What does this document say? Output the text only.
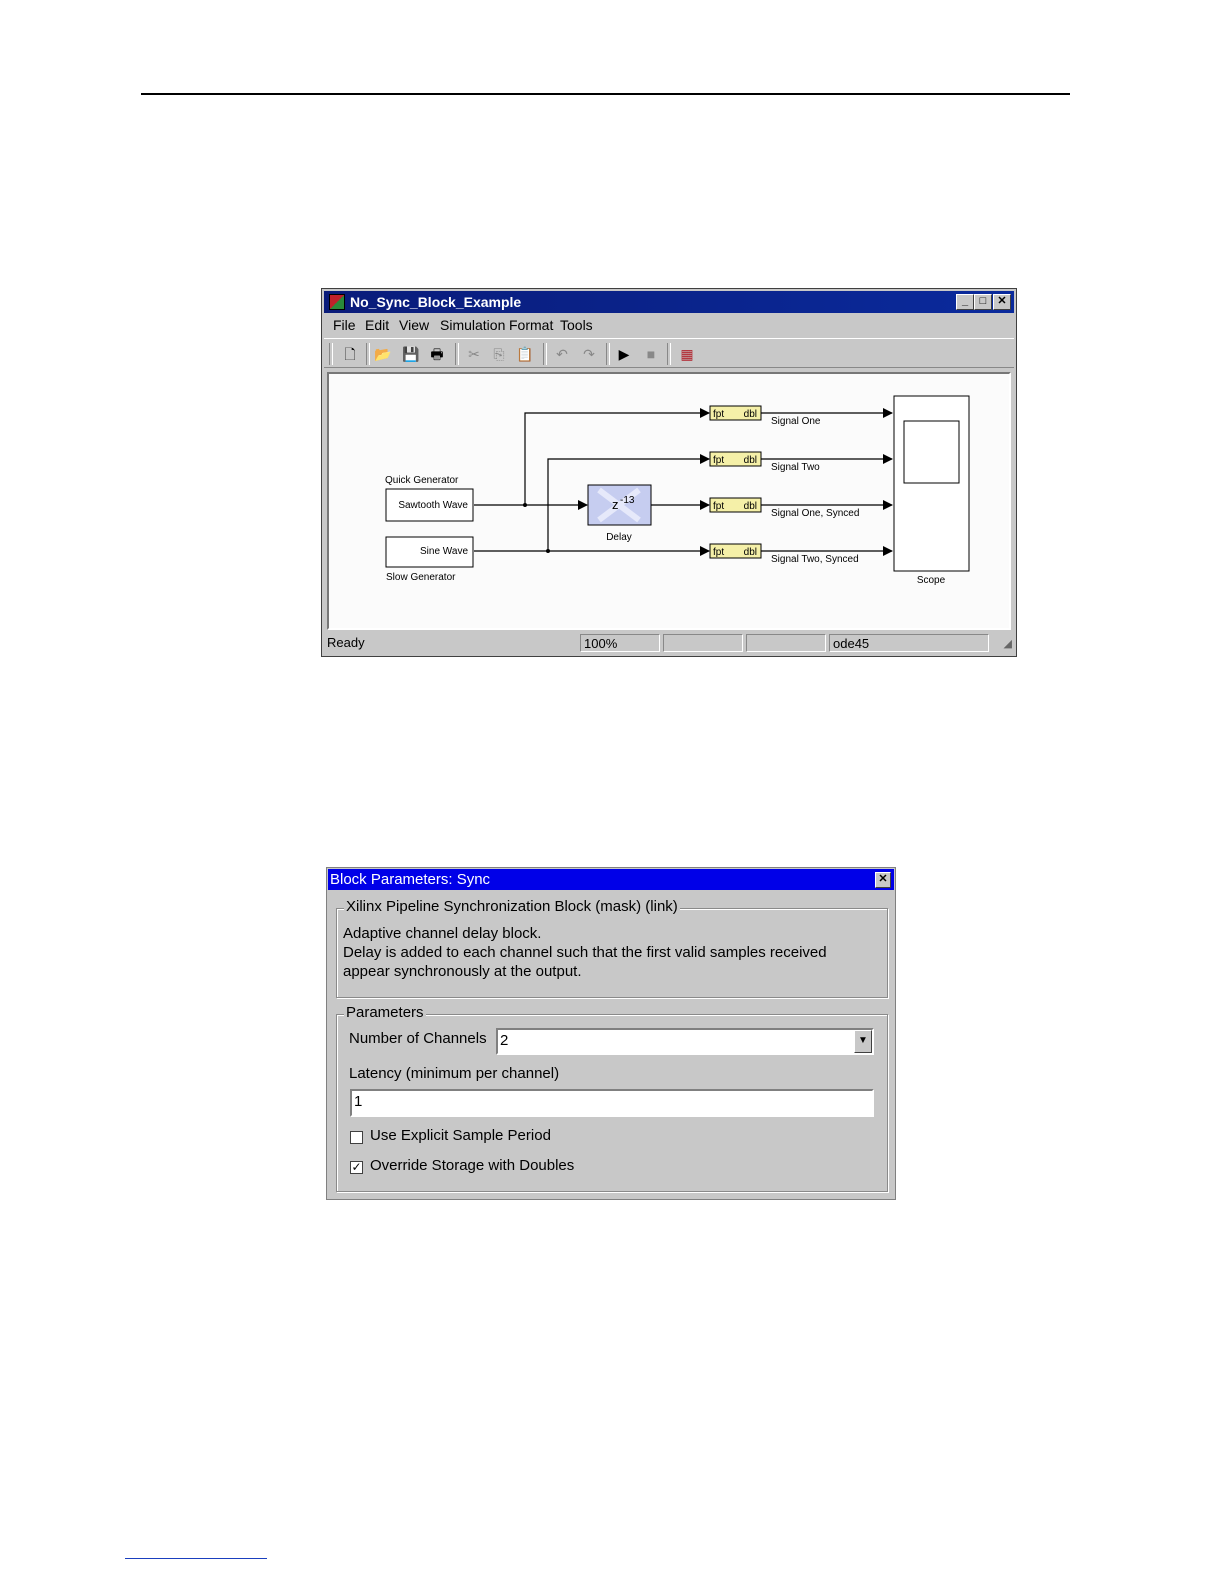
No_Sync_Block_Example	_	□	✕
File Edit View Simulation Format Tools
🗋 📂 💾 🖶 ✂ ⎘ 📋 ↶ ↷ ▶	■	▦
Quick Generator
Sawtooth Wave
Sine Wave
Slow Generator
z -13
Delay
fpt dbl
fpt dbl
fpt dbl
fpt dbl
Signal One
Signal Two
Signal One, Synced
Signal Two, Synced
Scope
Ready	100%	ode45	◢
Block Parameters: Sync	✕
Xilinx Pipeline Synchronization Block (mask) (link)
Adaptive channel delay block.
Delay is added to each channel such that the first valid samples received
appear synchronously at the output.
Parameters
Number of Channels 2	▼
Latency (minimum per channel)
1
Use Explicit Sample Period
✓ Override Storage with Doubles
